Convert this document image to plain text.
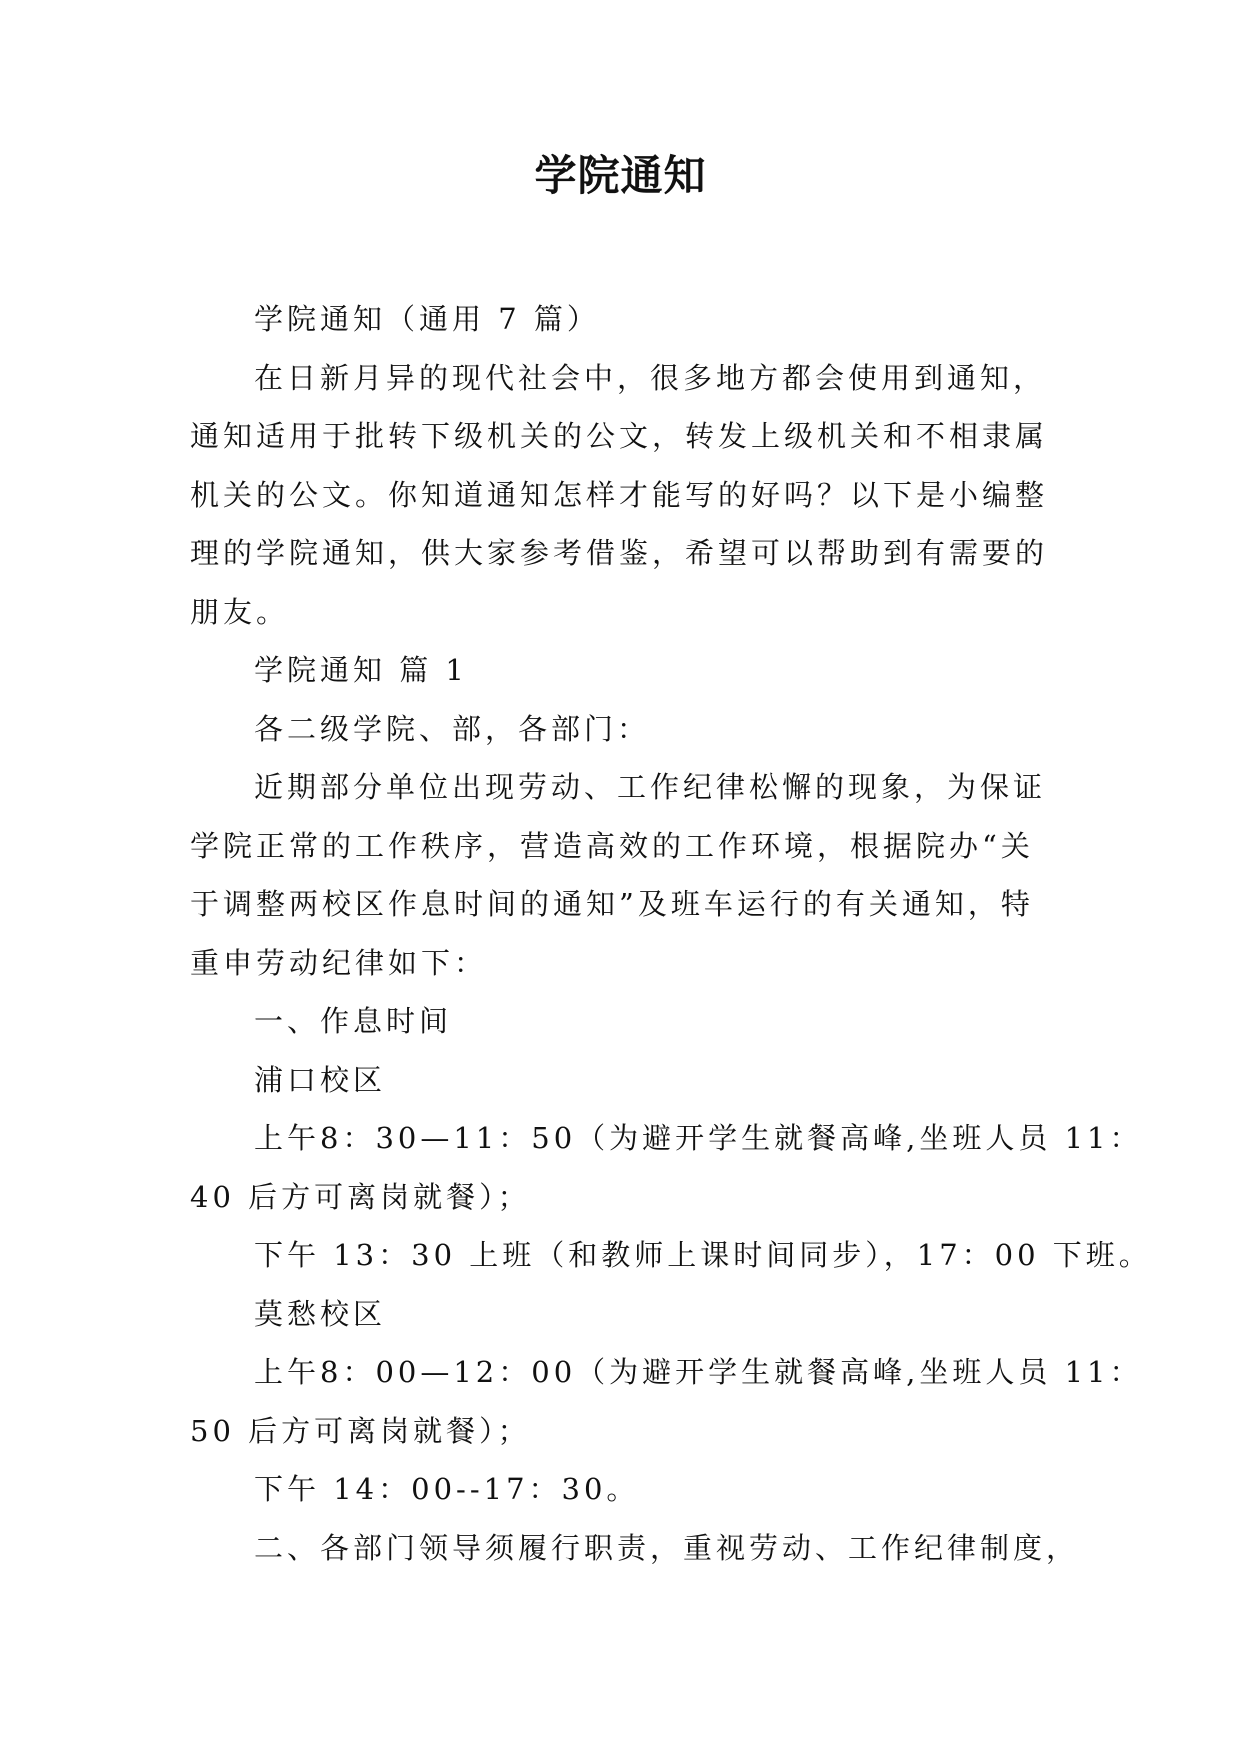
学院通知
学院通知（通用 7 篇）
在日新月异的现代社会中，很多地方都会使用到通知，
通知适用于批转下级机关的公文，转发上级机关和不相隶属
机关的公文。你知道通知怎样才能写的好吗？以下是小编整
理的学院通知，供大家参考借鉴，希望可以帮助到有需要的
朋友。
学院通知 篇 1
各二级学院、部，各部门：
近期部分单位出现劳动、工作纪律松懈的现象，为保证
学院正常的工作秩序，营造高效的工作环境，根据院办“关
于调整两校区作息时间的通知”及班车运行的有关通知，特
重申劳动纪律如下：
一、作息时间
浦口校区
上午8：30—11：50（为避开学生就餐高峰,坐班人员 11：
40 后方可离岗就餐）；
下午 13：30 上班（和教师上课时间同步），17：00 下班。
莫愁校区
上午8：00—12：00（为避开学生就餐高峰,坐班人员 11：
50 后方可离岗就餐）；
下午 14：00--17：30。
二、各部门领导须履行职责，重视劳动、工作纪律制度，
